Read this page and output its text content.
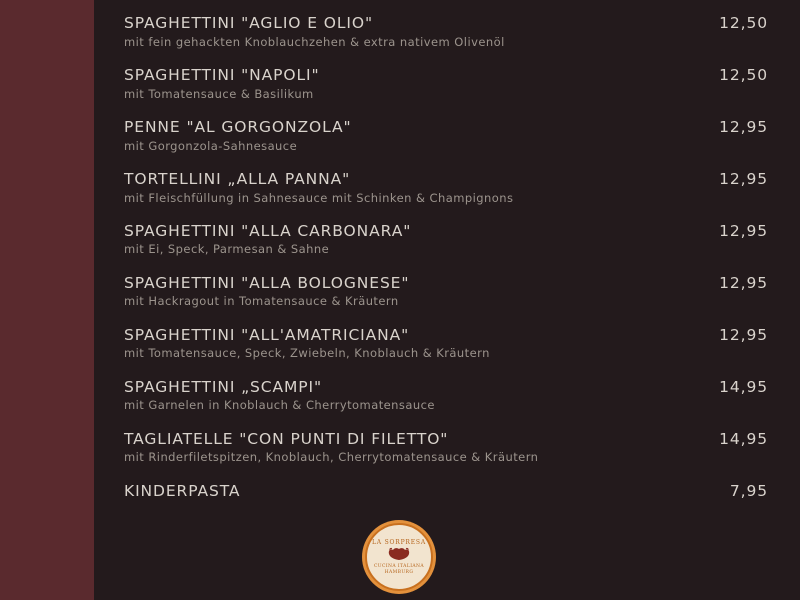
SPAGHETTINI "AGLIO E OLIO"
mit fein gehackten Knoblauchzehen & extra nativem Olivenöl
12,50
SPAGHETTINI "NAPOLI"
mit Tomatensauce & Basilikum
12,50
PENNE "AL GORGONZOLA"
mit Gorgonzola-Sahnesauce
12,95
TORTELLINI „ALLA PANNA"
mit Fleischfüllung in Sahnesauce mit Schinken & Champignons
12,95
SPAGHETTINI "ALLA CARBONARA"
mit Ei, Speck, Parmesan & Sahne
12,95
SPAGHETTINI "ALLA BOLOGNESE"
mit Hackragout in Tomatensauce & Kräutern
12,95
SPAGHETTINI "ALL'AMATRICIANA"
mit Tomatensauce, Speck, Zwiebeln, Knoblauch & Kräutern
12,95
SPAGHETTINI „SCAMPI"
mit Garnelen in Knoblauch & Cherrytomatensauce
14,95
TAGLIATELLE "CON PUNTI DI FILETTO"
mit Rinderfiletspitzen, Knoblauch, Cherrytomatensauce & Kräutern
14,95
KINDERPASTA	7,95
LA SORPRESA
CUCINA ITALIANA HAMBURG
